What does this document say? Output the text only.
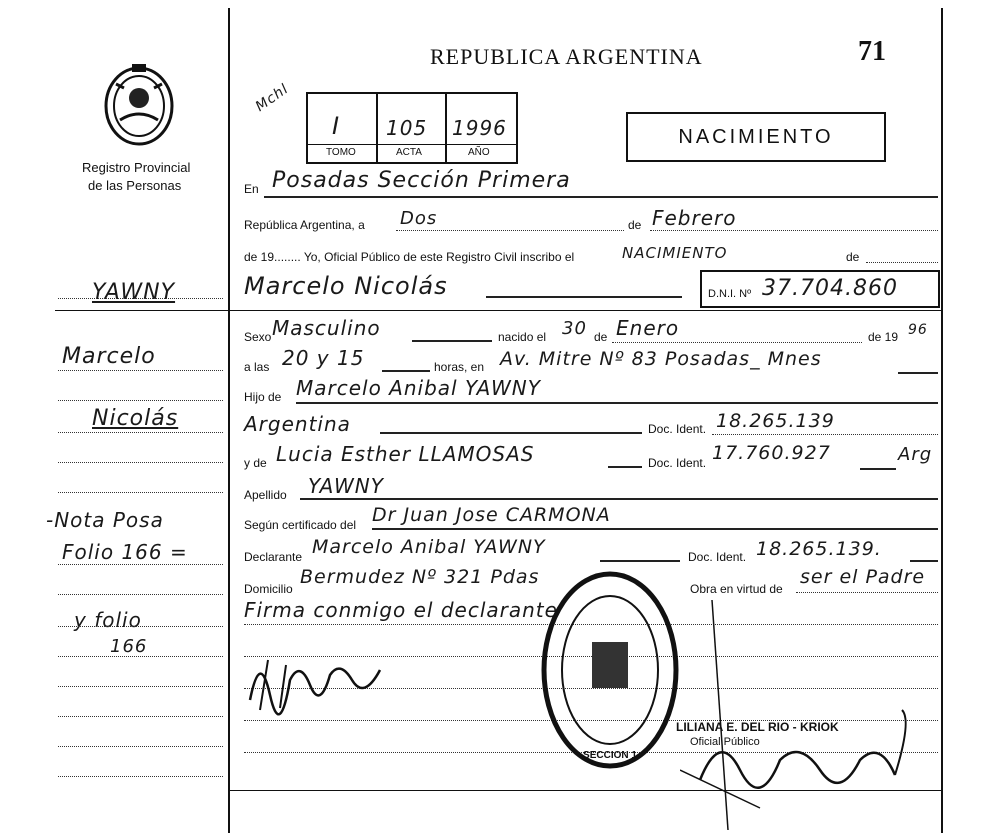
REPUBLICA ARGENTINA	71
NACIMIENTO
Registro Provincial
de las Personas
I 105 1996
TOMO	ACTA	AÑO
Mchl
YAWNY
Marcelo
Nicolás
-Nota Posa
Folio 166 =
y folio
166
En Posadas Sección Primera
República Argentina, a Dos	de Febrero
de 19........ Yo, Oficial Público de este Registro Civil inscribo el	NACIMIENTO	de
Marcelo Nicolás	D.N.I. Nº 37.704.860
Sexo Masculino	nacido el 30 de Enero	de 19 96
a las 20 y 15	horas, en Av. Mitre Nº 83 Posadas_ Mnes
Hijo de Marcelo Anibal YAWNY
Argentina	Doc. Ident. 18.265.139
y de Lucia Esther LLAMOSAS	Doc. Ident. 17.760.927	Arg
Apellido YAWNY
Según certificado del Dr Juan Jose CARMONA
Declarante Marcelo Anibal YAWNY	Doc. Ident. 18.265.139.
Domicilio
Bermudez Nº 321 Pdas
Obra en virtud de
ser el Padre
Firma conmigo el declarante
SECCION 1
LILIANA E. DEL RIO - KRIOK
Oficial Público
